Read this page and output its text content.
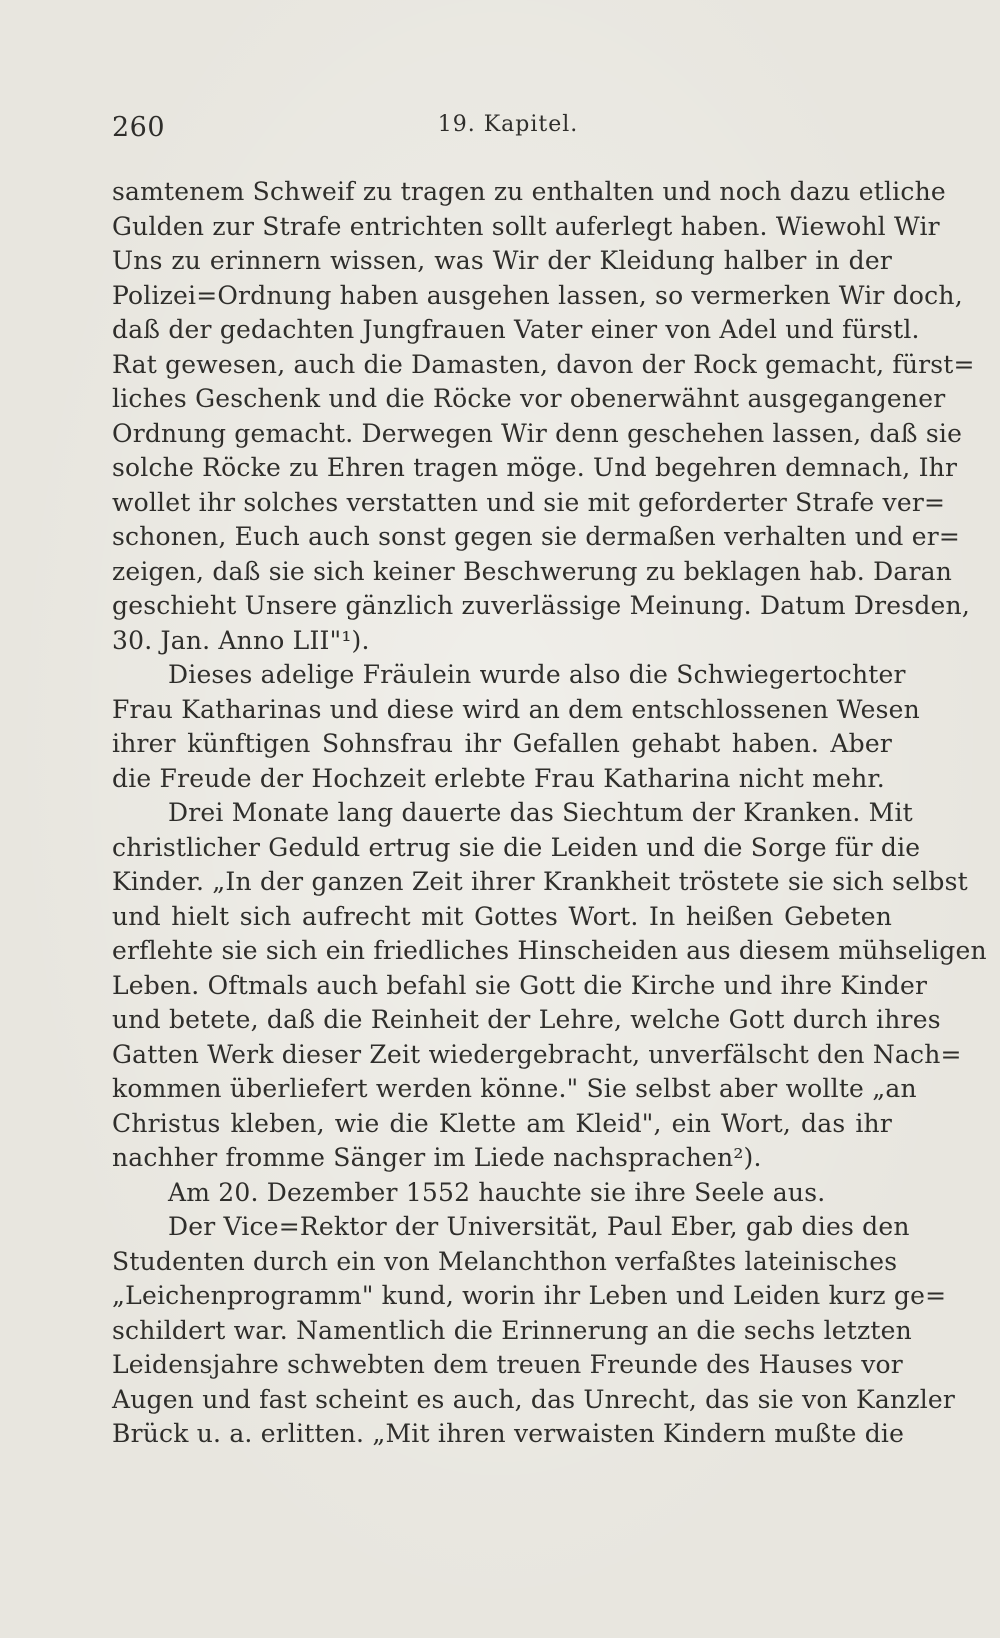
260	19. Kapitel.
samtenem Schweif zu tragen zu enthalten und noch dazu etliche
Gulden zur Strafe entrichten sollt auferlegt haben. Wiewohl Wir
Uns zu erinnern wissen, was Wir der Kleidung halber in der
Polizei=Ordnung haben ausgehen lassen, so vermerken Wir doch,
daß der gedachten Jungfrauen Vater einer von Adel und fürstl.
Rat gewesen, auch die Damasten, davon der Rock gemacht, fürst=
liches Geschenk und die Röcke vor obenerwähnt ausgegangener
Ordnung gemacht. Derwegen Wir denn geschehen lassen, daß sie
solche Röcke zu Ehren tragen möge. Und begehren demnach, Ihr
wollet ihr solches verstatten und sie mit geforderter Strafe ver=
schonen, Euch auch sonst gegen sie dermaßen verhalten und er=
zeigen, daß sie sich keiner Beschwerung zu beklagen hab. Daran
geschieht Unsere gänzlich zuverlässige Meinung. Datum Dresden,
30. Jan. Anno LII"¹).
Dieses adelige Fräulein wurde also die Schwiegertochter
Frau Katharinas und diese wird an dem entschlossenen Wesen
ihrer künftigen Sohnsfrau ihr Gefallen gehabt haben. Aber
die Freude der Hochzeit erlebte Frau Katharina nicht mehr.
Drei Monate lang dauerte das Siechtum der Kranken. Mit
christlicher Geduld ertrug sie die Leiden und die Sorge für die
Kinder. „In der ganzen Zeit ihrer Krankheit tröstete sie sich selbst
und hielt sich aufrecht mit Gottes Wort. In heißen Gebeten
erflehte sie sich ein friedliches Hinscheiden aus diesem mühseligen
Leben. Oftmals auch befahl sie Gott die Kirche und ihre Kinder
und betete, daß die Reinheit der Lehre, welche Gott durch ihres
Gatten Werk dieser Zeit wiedergebracht, unverfälscht den Nach=
kommen überliefert werden könne." Sie selbst aber wollte „an
Christus kleben, wie die Klette am Kleid", ein Wort, das ihr
nachher fromme Sänger im Liede nachsprachen²).
Am 20. Dezember 1552 hauchte sie ihre Seele aus.
Der Vice=Rektor der Universität, Paul Eber, gab dies den
Studenten durch ein von Melanchthon verfaßtes lateinisches
„Leichenprogramm" kund, worin ihr Leben und Leiden kurz ge=
schildert war. Namentlich die Erinnerung an die sechs letzten
Leidensjahre schwebten dem treuen Freunde des Hauses vor
Augen und fast scheint es auch, das Unrecht, das sie von Kanzler
Brück u. a. erlitten. „Mit ihren verwaisten Kindern mußte die
